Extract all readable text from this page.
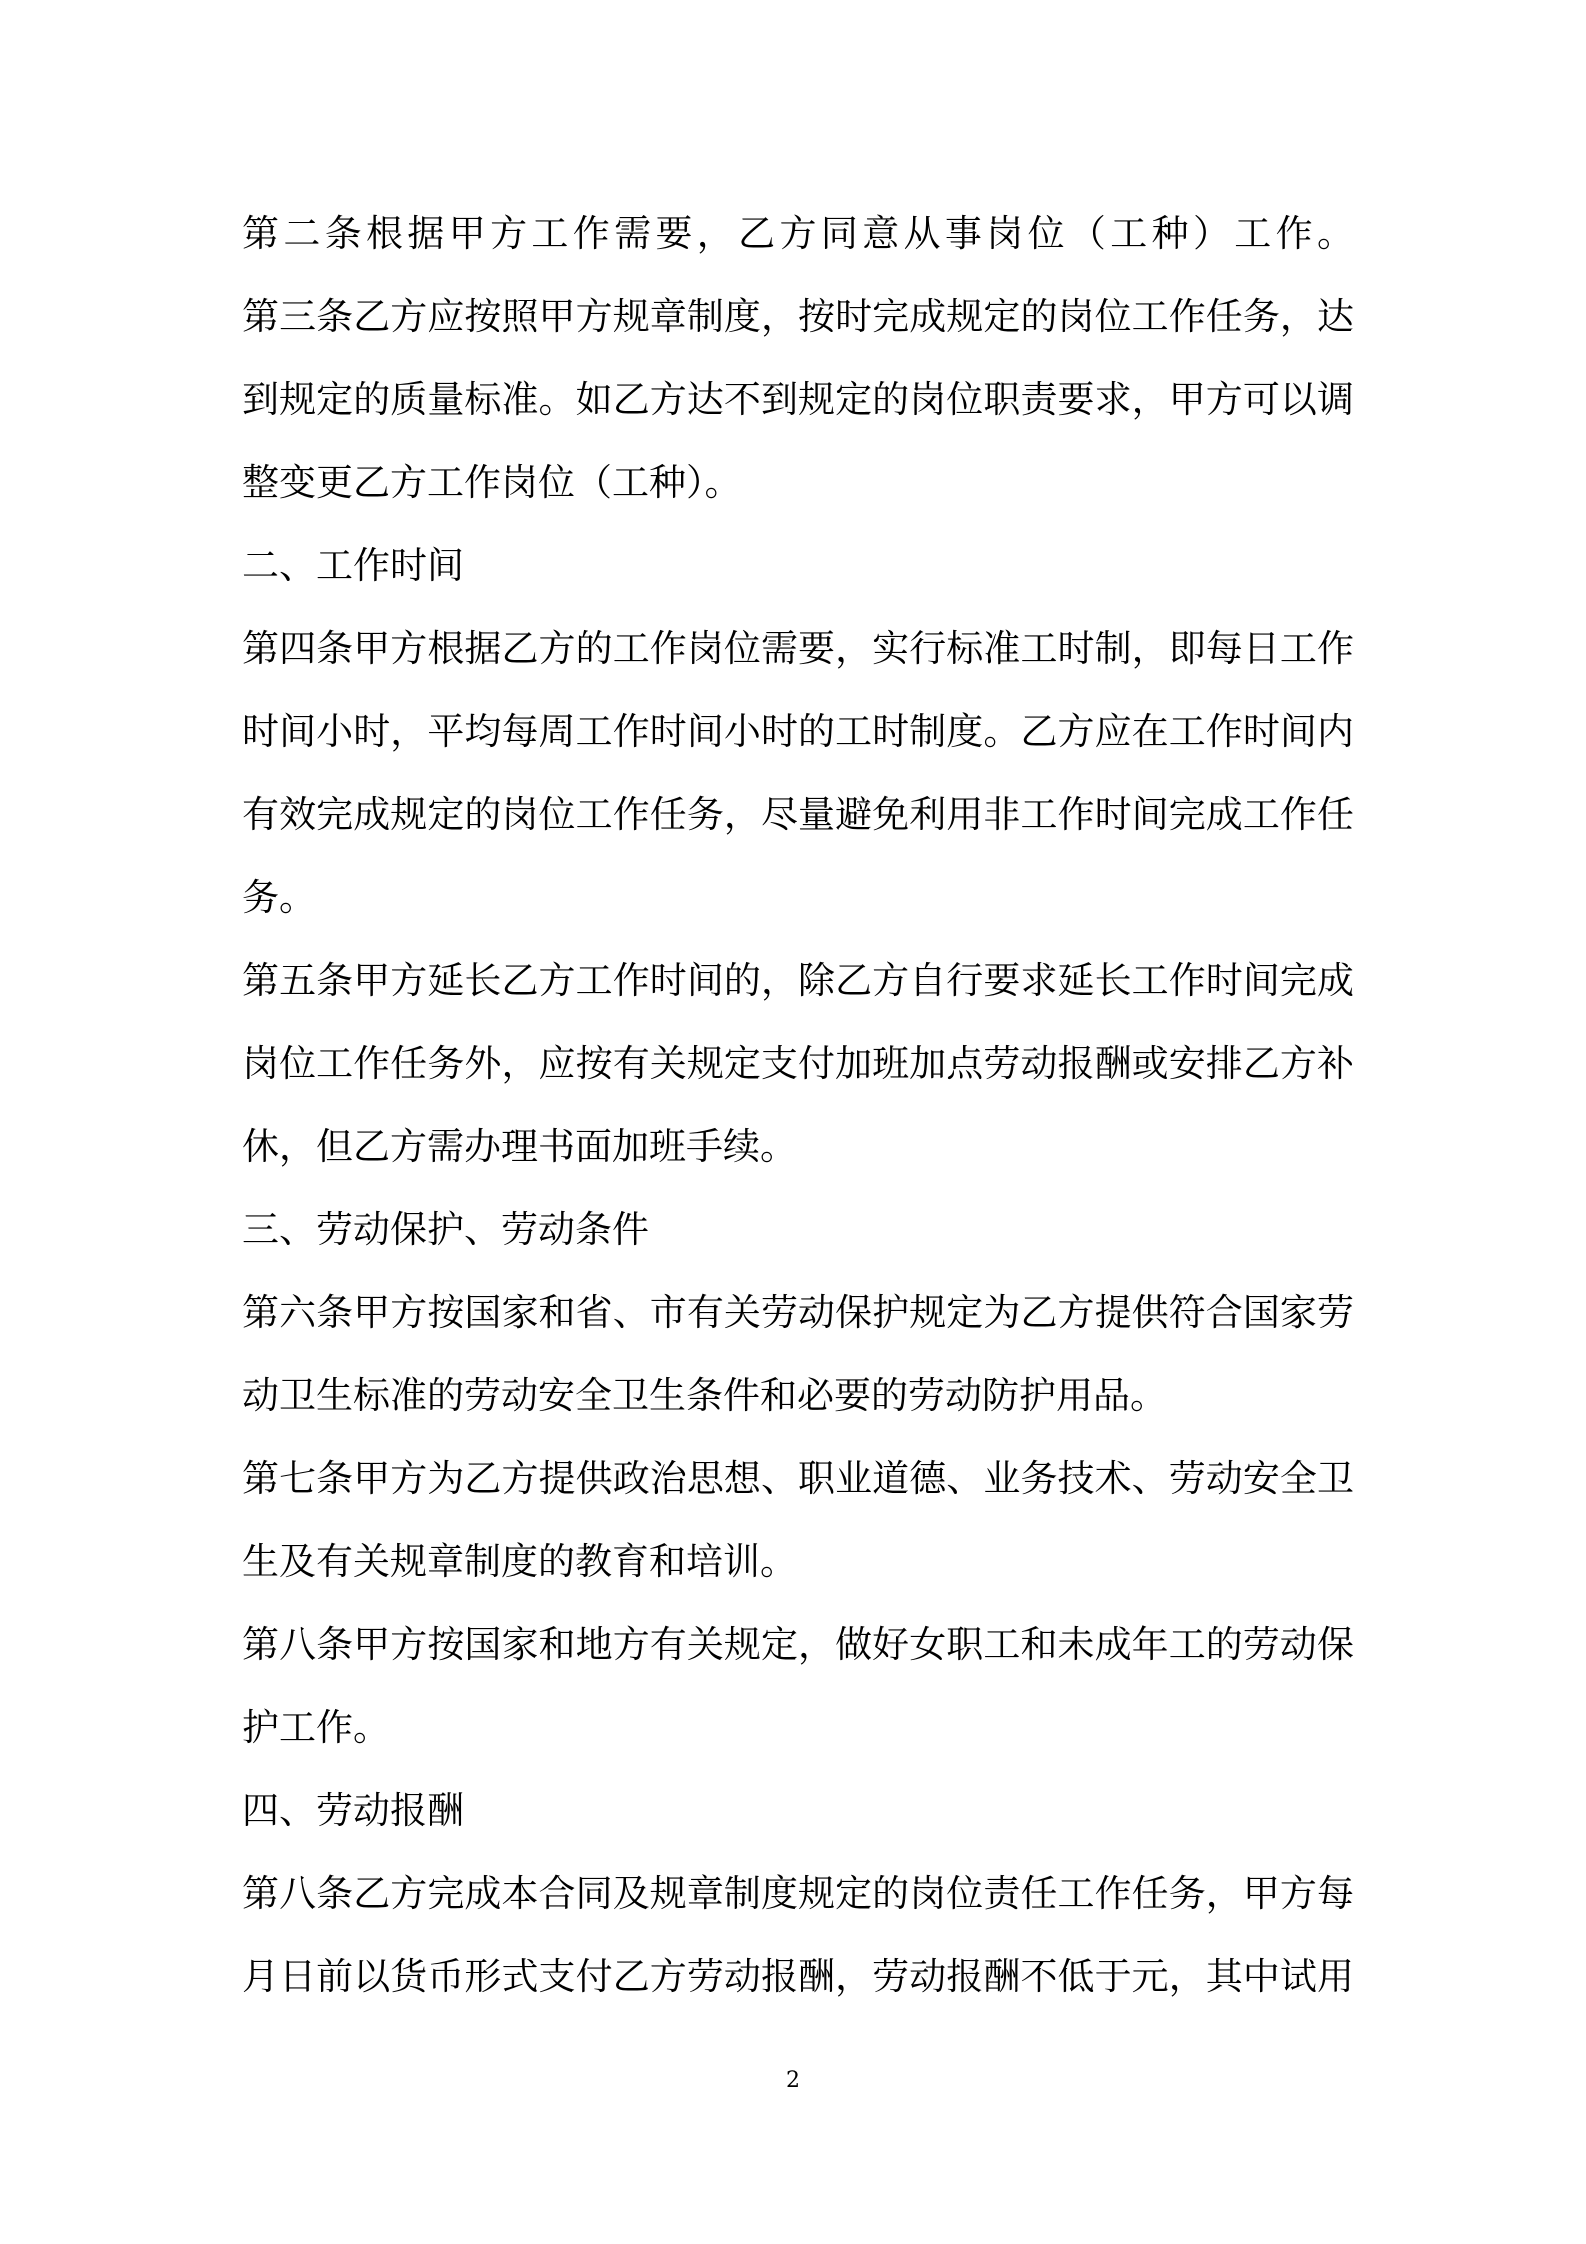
第二条根据甲方工作需要，乙方同意从事岗位（工种）工作。
第三条乙方应按照甲方规章制度，按时完成规定的岗位工作任务，达
到规定的质量标准。如乙方达不到规定的岗位职责要求，甲方可以调
整变更乙方工作岗位（工种）。
二、工作时间
第四条甲方根据乙方的工作岗位需要，实行标准工时制，即每日工作
时间小时，平均每周工作时间小时的工时制度。乙方应在工作时间内
有效完成规定的岗位工作任务，尽量避免利用非工作时间完成工作任
务。
第五条甲方延长乙方工作时间的，除乙方自行要求延长工作时间完成
岗位工作任务外，应按有关规定支付加班加点劳动报酬或安排乙方补
休，但乙方需办理书面加班手续。
三、劳动保护、劳动条件
第六条甲方按国家和省、市有关劳动保护规定为乙方提供符合国家劳
动卫生标准的劳动安全卫生条件和必要的劳动防护用品。
第七条甲方为乙方提供政治思想、职业道德、业务技术、劳动安全卫
生及有关规章制度的教育和培训。
第八条甲方按国家和地方有关规定，做好女职工和未成年工的劳动保
护工作。
四、劳动报酬
第八条乙方完成本合同及规章制度规定的岗位责任工作任务，甲方每
月日前以货币形式支付乙方劳动报酬，劳动报酬不低于元，其中试用
2
